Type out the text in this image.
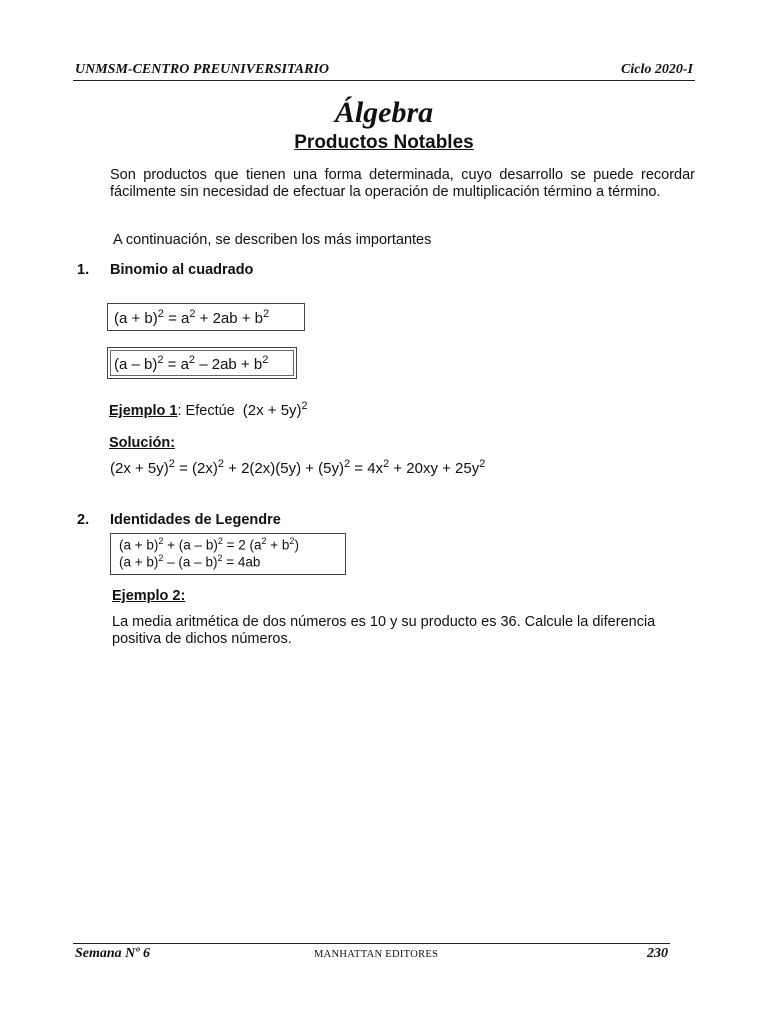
UNMSM-CENTRO PREUNIVERSITARIO	Ciclo 2020-I
Álgebra
Productos Notables
Son productos que tienen una forma determinada, cuyo desarrollo se puede recordar fácilmente sin necesidad de efectuar la operación de multiplicación término a término.
A continuación, se describen los más importantes
1. Binomio al cuadrado
$(a + b)^2 = a^2 + 2ab + b^2$
$(a - b)^2 = a^2 - 2ab + b^2$
Ejemplo 1: Efectúe $(2x + 5y)^2$
Solución:
$(2x + 5y)^2 = (2x)^2 + 2(2x)(5y) + (5y)^2 = 4x^2 + 20xy + 25y^2$
2. Identidades de Legendre
$(a + b)^2 + (a - b)^2 = 2$ $(a^2 + b^2)$
$(a + b)^2 - (a - b)^2 = 4ab$
Ejemplo 2:
La media aritmética de dos números es 10 y su producto es 36. Calcule la diferencia positiva de dichos números.
Semana Nº 6	MANHATTAN EDITORES	230
